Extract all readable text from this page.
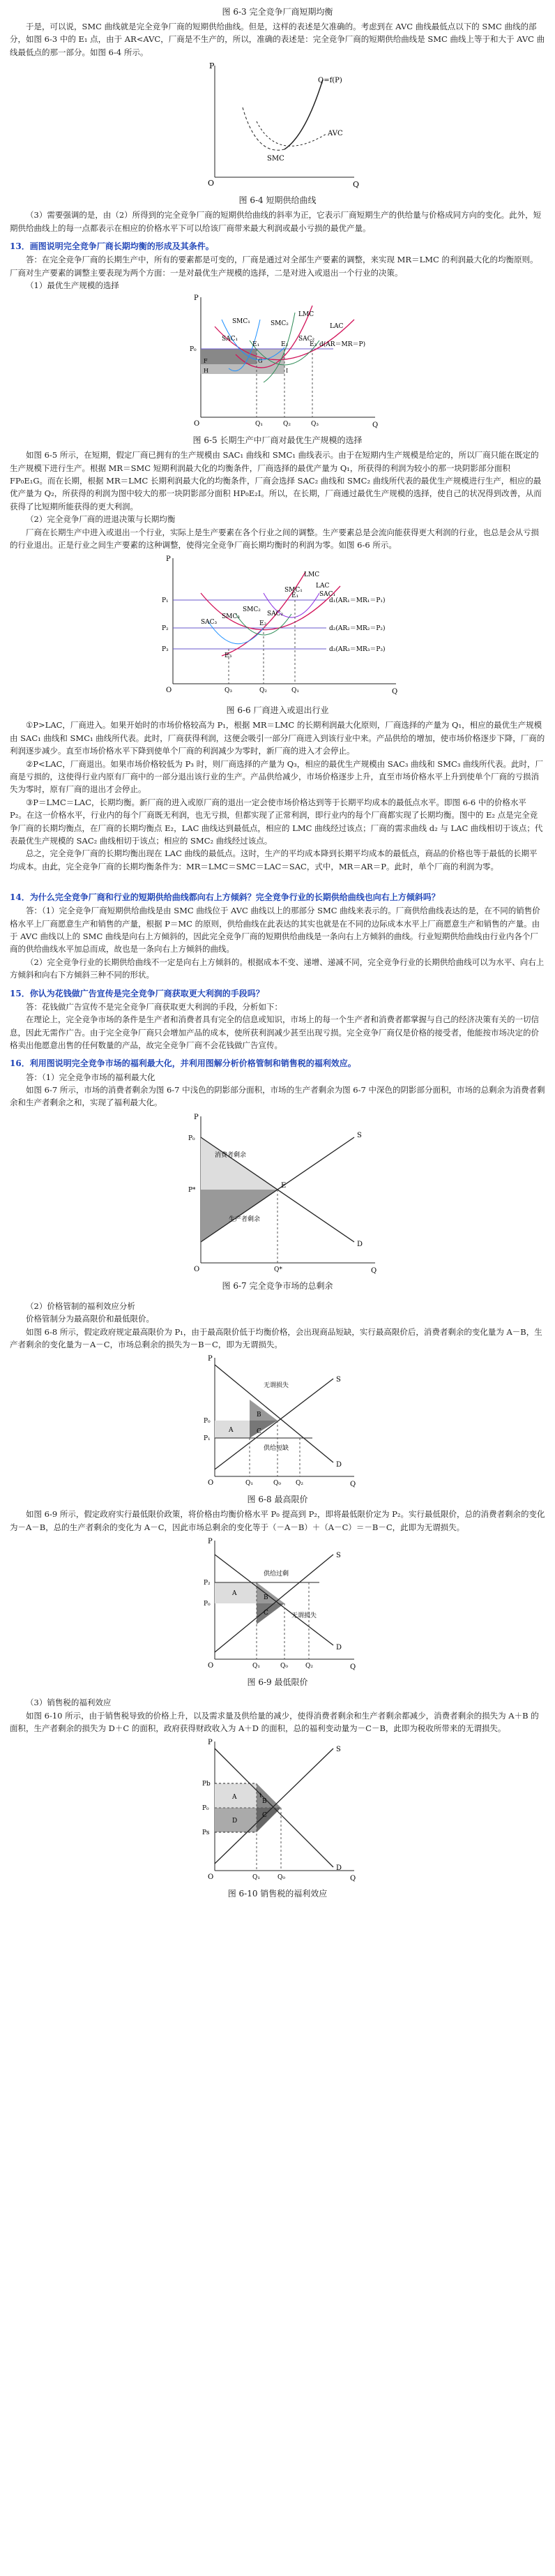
图 6-3 完全竞争厂商短期均衡

于是，可以说，SMC 曲线就是完全竞争厂商的短期供给曲线。但是，这样的表述是欠准确的。考虑到在 AVC 曲线最低点以下的 SMC 曲线的部分，如图 6-3 中的 E₁ 点，由于 AR<AVC，厂商是不生产的，所以，准确的表述是：完全竞争厂商的短期供给曲线是 SMC 曲线上等于和大于 AVC 曲线最低点的那一部分。如图 6-4 所示。

P
Q
O
Q=f(P)
AVC
SMC
图 6-4 短期供给曲线

（3）需要强调的是，由（2）所得到的完全竞争厂商的短期供给曲线的斜率为正，它表示厂商短期生产的供给量与价格成同方向的变化。此外，短期供给曲线上的每一点都表示在相应的价格水平下可以给该厂商带来最大利润或最小亏损的最优产量。

13．画图说明完全竞争厂商长期均衡的形成及其条件。

答：在完全竞争厂商的长期生产中，所有的要素都是可变的，厂商是通过对全部生产要素的调整，来实现 MR＝LMC 的利润最大化的均衡原则。厂商对生产要素的调整主要表现为两个方面：一是对最优生产规模的选择，二是对进入或退出一个行业的决策。

（1）最优生产规模的选择

P
Q
O	Q₁	Q₂	Q₃
P₀
SMC₁
SAC₁
LMC
LAC
SMC₂
SAC₂
d(AR＝MR＝P)
E₁	E₂	E₃
F	G
H	I
图 6-5 长期生产中厂商对最优生产规模的选择

如图 6-5 所示，在短期，假定厂商已拥有的生产规模由 SAC₁ 曲线和 SMC₁ 曲线表示。由于在短期内生产规模是给定的，所以厂商只能在既定的生产规模下进行生产。根据 MR＝SMC 短期利润最大化的均衡条件，厂商选择的最优产量为 Q₁，所获得的利润为较小的那一块阴影部分面积 FP₀E₁G。而在长期，根据 MR＝LMC 长期利润最大化的均衡条件，厂商会选择 SAC₂ 曲线和 SMC₂ 曲线所代表的最优生产规模进行生产，相应的最优产量为 Q₂，所获得的利润为图中较大的那一块阴影部分面积 HP₀E₂I。所以，在长期，厂商通过最优生产规模的选择，使自己的状况得到改善，从而获得了比短期所能获得的更大利润。

（2）完全竞争厂商的进退决策与长期均衡

厂商在长期生产中进入或退出一个行业，实际上是生产要素在各个行业之间的调整。生产要素总是会流向能获得更大利润的行业，也总是会从亏损的行业退出。正是行业之间生产要素的这种调整，使得完全竞争厂商长期均衡时的利润为零。如图 6-6 所示。

P
Q
O
P₁
P₂
P₃
Q₃	Q₂	Q₁
E₁
E₂
E₃
LMC
LAC
SMC₁
SAC₁
SMC₂
SAC₂
SMC₃
SAC₃
d₁(AR₁＝MR₁＝P₁)
d₂(AR₂＝MR₂＝P₂)
d₃(AR₃＝MR₃＝P₃)
图 6-6 厂商进入或退出行业

①P>LAC，厂商进入。如果开始时的市场价格较高为 P₁，根据 MR＝LMC 的长期利润最大化原则，厂商选择的产量为 Q₁，相应的最优生产规模由 SAC₁ 曲线和 SMC₁ 曲线所代表。此时，厂商获得利润，这便会吸引一部分厂商进入到该行业中来。产品供给的增加，使市场价格逐步下降，厂商的利润逐步减少。直至市场价格水平下降到使单个厂商的利润减少为零时，新厂商的进入才会停止。

②P<LAC，厂商退出。如果市场价格较低为 P₃ 时，则厂商选择的产量为 Q₃，相应的最优生产规模由 SAC₃ 曲线和 SMC₃ 曲线所代表。此时，厂商是亏损的，这使得行业内原有厂商中的一部分退出该行业的生产。产品供给减少，市场价格逐步上升，直至市场价格水平上升到使单个厂商的亏损消失为零时，原有厂商的退出才会停止。

③P＝LMC＝LAC，长期均衡。新厂商的进入或原厂商的退出一定会使市场价格达到等于长期平均成本的最低点水平。即图 6-6 中的价格水平 P₂。在这一价格水平，行业内的每个厂商既无利润，也无亏损，但都实现了正常利润，即行业内的每个厂商都实现了长期均衡。图中的 E₂ 点是完全竞争厂商的长期均衡点，在厂商的长期均衡点 E₂，LAC 曲线达到最低点，相应的 LMC 曲线经过该点；厂商的需求曲线 d₂ 与 LAC 曲线相切于该点；代表最优生产规模的 SAC₂ 曲线相切于该点；相应的 SMC₂ 曲线经过该点。

总之，完全竞争厂商的长期均衡出现在 LAC 曲线的最低点。这时，生产的平均成本降到长期平均成本的最低点，商品的价格也等于最低的长期平均成本。由此，完全竞争厂商的长期均衡条件为：MR＝LMC＝SMC＝LAC＝SAC，式中，MR＝AR＝P。此时，单个厂商的利润为零。

14．为什么完全竞争厂商和行业的短期供给曲线都向右上方倾斜？完全竞争行业的长期供给曲线也向右上方倾斜吗？

答：（1）完全竞争厂商短期供给曲线是由 SMC 曲线位于 AVC 曲线以上的那部分 SMC 曲线来表示的。厂商供给曲线表达的是，在不同的销售价格水平上厂商愿意生产和销售的产量，根据 P＝MC 的原则，供给曲线在此表达的其实也就是在不同的边际成本水平上厂商愿意生产和销售的产量。由于 AVC 曲线以上的 SMC 曲线是向右上方倾斜的，因此完全竞争厂商的短期供给曲线是一条向右上方倾斜的曲线。行业短期供给曲线由行业内各个厂商的供给曲线水平加总而成，故也是一条向右上方倾斜的曲线。

（2）完全竞争行业的长期供给曲线不一定是向右上方倾斜的。根据成本不变、递增、递减不同，完全竞争行业的长期供给曲线可以为水平、向右上方倾斜和向右下方倾斜三种不同的形状。

15．你认为花钱做广告宣传是完全竞争厂商获取更大利润的手段吗？

答：花钱做广告宣传不是完全竞争厂商获取更大利润的手段，分析如下：

在理论上，完全竞争市场的条件是生产者和消费者具有完全的信息或知识，市场上的每一个生产者和消费者都掌握与自己的经济决策有关的一切信息，因此无需作广告。由于完全竞争厂商只会增加产品的成本，使所获利润减少甚至出现亏损。完全竞争厂商仅是价格的接受者，他能按市场决定的价格卖出他愿意出售的任何数量的产品，故完全竞争厂商不会花钱做广告宣传。

16．利用图说明完全竞争市场的福利最大化，并利用图解分析价格管制和销售税的福利效应。

答：（1）完全竞争市场的福利最大化

如图 6-7 所示，市场的消费者剩余为图 6-7 中浅色的阴影部分面积，市场的生产者剩余为图 6-7 中深色的阴影部分面积，市场的总剩余为消费者剩余和生产者剩余之和，实现了福利最大化。

P
Q
O
S
D
E
P₀
P*
Q*
消费者剩余
生产者剩余
图 6-7 完全竞争市场的总剩余

（2）价格管制的福利效应分析

价格管制分为最高限价和最低限价。

如图 6-8 所示，假定政府规定最高限价为 P₁，由于最高限价低于均衡价格，会出现商品短缺，实行最高限价后，消费者剩余的变化量为 A－B，生产者剩余的变化量为－A－C，市场总剩余的损失为－B－C，即为无谓损失。

P
Q
O
S
D
A
B
C
P₀
P₁
Q₁	Q₀ Q₂
无谓损失
供给短缺
图 6-8 最高限价

如图 6-9 所示，假定政府实行最低限价政策，将价格由均衡价格水平 P₀ 提高到 P₂，即将最低限价定为 P₂。实行最低限价，总的消费者剩余的变化为－A－B，总的生产者剩余的变化为 A－C，因此市场总剩余的变化等于（－A－B）＋（A－C）＝－B－C，此即为无谓损失。

P
Q
O
S
D
A
B
C
P₂
P₀
Q₁	Q₀	Q₂
供给过剩
无谓损失
图 6-9 最低限价

（3）销售税的福利效应

如图 6-10 所示，由于销售税导致的价格上升，以及需求量及供给量的减少，使得消费者剩余和生产者剩余都减少，消费者剩余的损失为 A＋B 的面积，生产者剩余的损失为 D＋C 的面积，政府获得财政收入为 A＋D 的面积，总的福利变动量为－C－B，此即为税收所带来的无谓损失。

P
Q
O
S
D
A
D
B
C
Pb
P₀
Ps
t
Q₁	Q₀
图 6-10 销售税的福利效应
